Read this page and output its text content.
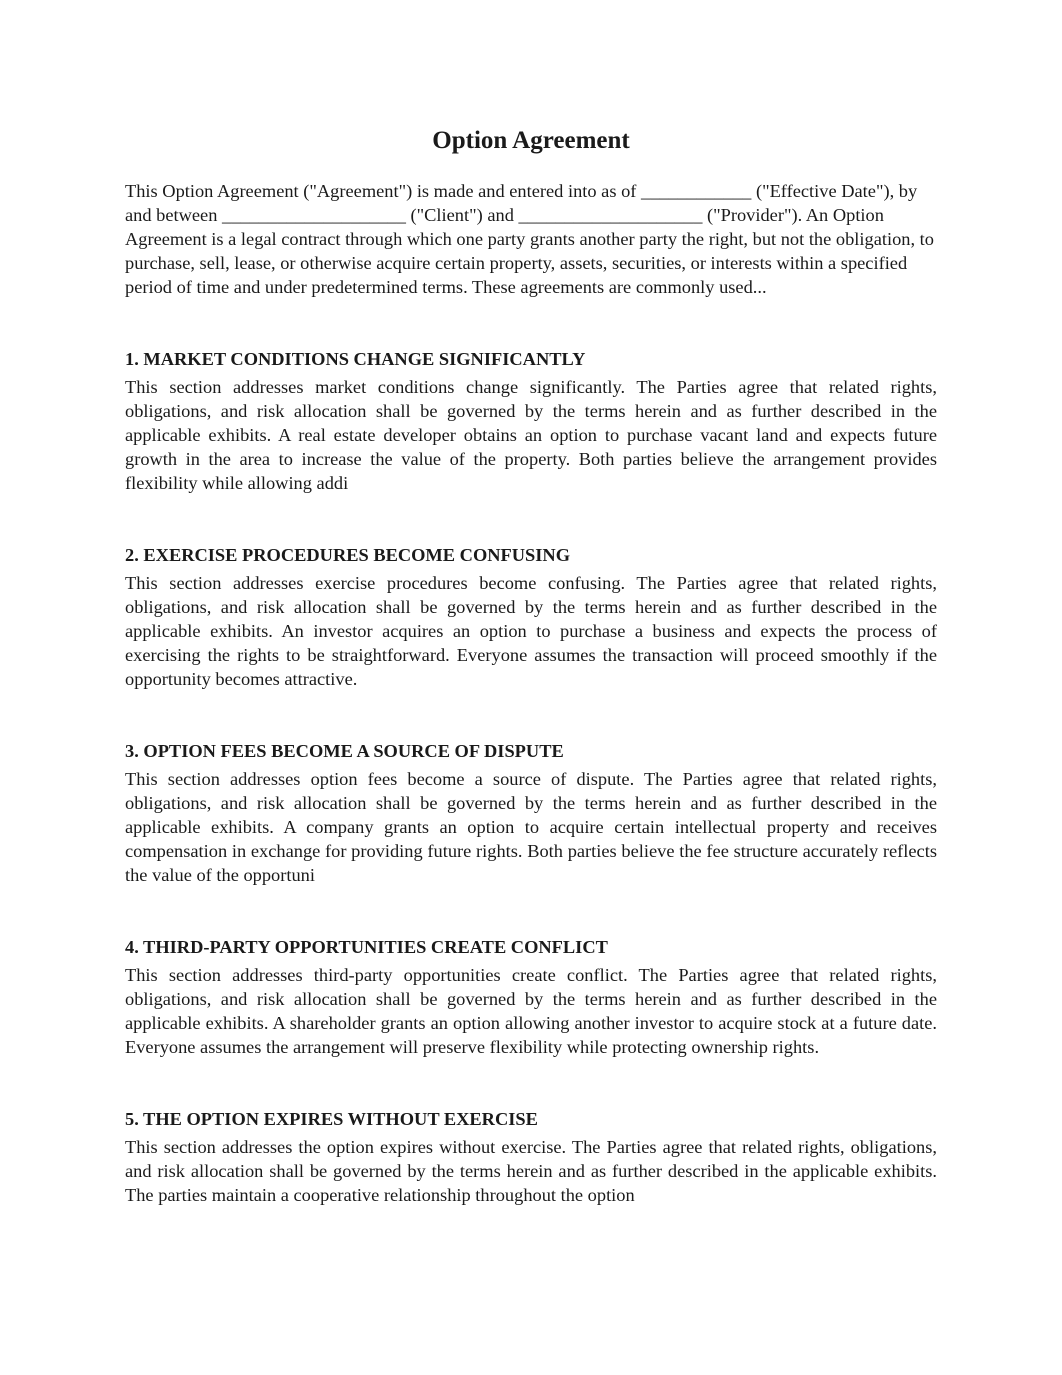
Option Agreement

This Option Agreement ("Agreement") is made and entered into as of ____________ ("Effective Date"), by and between ____________________ ("Client") and ____________________ ("Provider"). An Option Agreement is a legal contract through which one party grants another party the right, but not the obligation, to purchase, sell, lease, or otherwise acquire certain property, assets, securities, or interests within a specified period of time and under predetermined terms. These agreements are commonly used...

1. MARKET CONDITIONS CHANGE SIGNIFICANTLY

This section addresses market conditions change significantly. The Parties agree that related rights, obligations, and risk allocation shall be governed by the terms herein and as further described in the applicable exhibits. A real estate developer obtains an option to purchase vacant land and expects future growth in the area to increase the value of the property. Both parties believe the arrangement provides flexibility while allowing addi

2. EXERCISE PROCEDURES BECOME CONFUSING

This section addresses exercise procedures become confusing. The Parties agree that related rights, obligations, and risk allocation shall be governed by the terms herein and as further described in the applicable exhibits. An investor acquires an option to purchase a business and expects the process of exercising the rights to be straightforward. Everyone assumes the transaction will proceed smoothly if the opportunity becomes attractive.

3. OPTION FEES BECOME A SOURCE OF DISPUTE

This section addresses option fees become a source of dispute. The Parties agree that related rights, obligations, and risk allocation shall be governed by the terms herein and as further described in the applicable exhibits. A company grants an option to acquire certain intellectual property and receives compensation in exchange for providing future rights. Both parties believe the fee structure accurately reflects the value of the opportuni

4. THIRD-PARTY OPPORTUNITIES CREATE CONFLICT

This section addresses third-party opportunities create conflict. The Parties agree that related rights, obligations, and risk allocation shall be governed by the terms herein and as further described in the applicable exhibits. A shareholder grants an option allowing another investor to acquire stock at a future date. Everyone assumes the arrangement will preserve flexibility while protecting ownership rights.

5. THE OPTION EXPIRES WITHOUT EXERCISE

This section addresses the option expires without exercise. The Parties agree that related rights, obligations, and risk allocation shall be governed by the terms herein and as further described in the applicable exhibits. The parties maintain a cooperative relationship throughout the option
